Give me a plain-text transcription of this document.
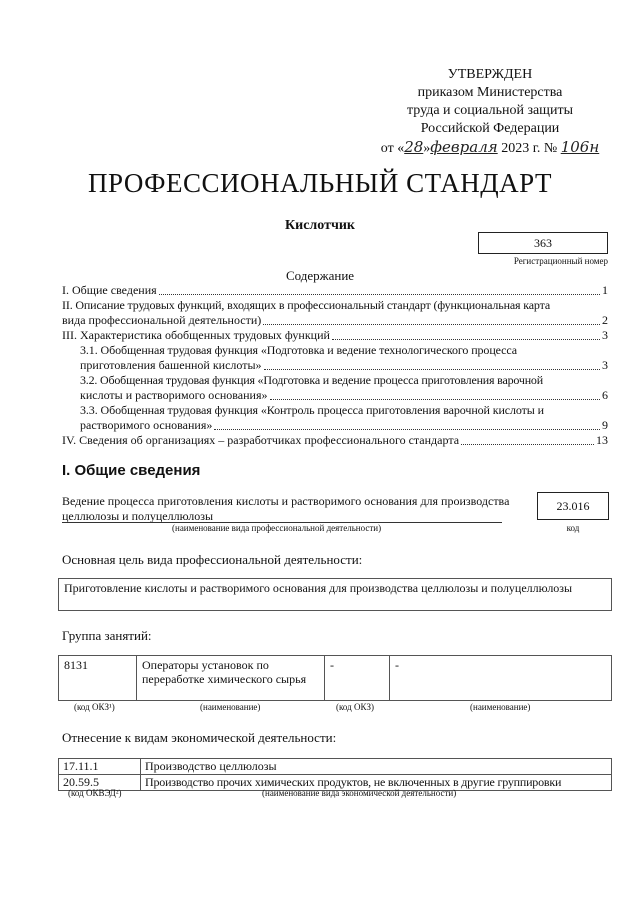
УТВЕРЖДЕН
приказом Министерства
труда и социальной защиты
Российской Федерации
от «28»февраля 2023 г. № 106н
ПРОФЕССИОНАЛЬНЫЙ СТАНДАРТ
Кислотчик
363
Регистрационный номер
Содержание
I. Общие сведения	1
II. Описание трудовых функций, входящих в профессиональный стандарт (функциональная карта
вида профессиональной деятельности)	2
III. Характеристика обобщенных трудовых функций	3
3.1. Обобщенная трудовая функция «Подготовка и ведение технологического процесса
приготовления башенной кислоты»	3
3.2. Обобщенная трудовая функция «Подготовка и ведение процесса приготовления варочной
кислоты и растворимого основания»	6
3.3. Обобщенная трудовая функция «Контроль процесса приготовления варочной кислоты и
растворимого основания»	9
IV. Сведения об организациях – разработчиках профессионального стандарта	13
I. Общие сведения
Ведение процесса приготовления кислоты и растворимого основания для производства целлюлозы и полуцеллюлозы
(наименование вида профессиональной деятельности)
23.016
код
Основная цель вида профессиональной деятельности:
Приготовление кислоты и растворимого основания для производства целлюлозы и полуцеллюлозы
Группа занятий:
8131	Операторы установок по переработке химического сырья	-	-
(код ОКЗ¹)	(наименование)	(код ОКЗ)	(наименование)
Отнесение к видам экономической деятельности:
17.11.1	Производство целлюлозы
20.59.5	Производство прочих химических продуктов, не включенных в другие группировки
(код ОКВЭД²)	(наименование вида экономической деятельности)
